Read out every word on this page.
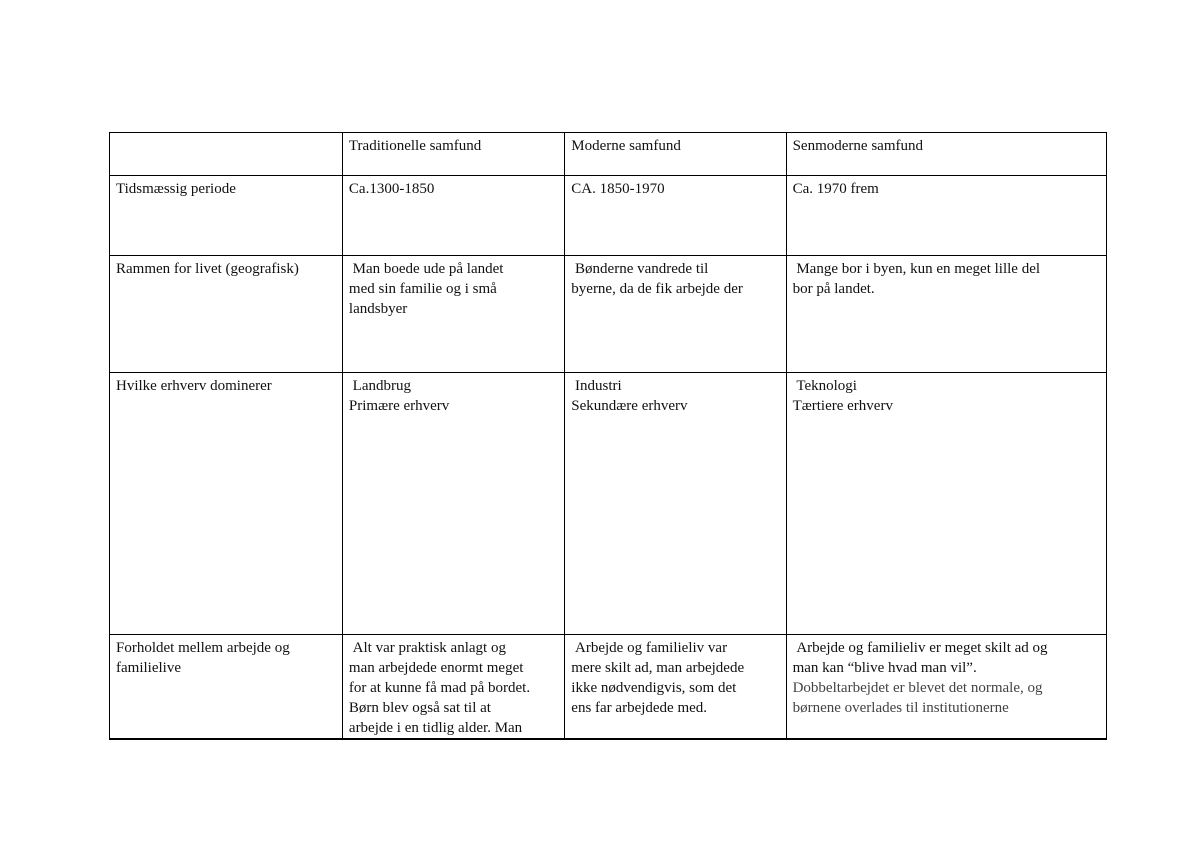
	Traditionelle samfund	Moderne samfund	Senmoderne samfund

Tidsmæssig periode	Ca.1300-1850	CA. 1850-1970	Ca. 1970 frem

Rammen for livet (geografisk)	Man boede ude på landet
med sin familie og i små
landsbyer	Bønderne vandrede til
byerne, da de fik arbejde der	Mange bor i byen, kun en meget lille del
bor på landet.

Hvilke erhverv dominerer	Landbrug
Primære erhverv	Industri
Sekundære erhverv	Teknologi
Tærtiere erhverv

Forholdet mellem arbejde og
familielive	Alt var praktisk anlagt og
man arbejdede enormt meget
for at kunne få mad på bordet.
Børn blev også sat til at
arbejde i en tidlig alder. Man	Arbejde og familieliv var
mere skilt ad, man arbejdede
ikke nødvendigvis, som det
ens far arbejdede med.	Arbejde og familieliv er meget skilt ad og
man kan “blive hvad man vil”.
Dobbeltarbejdet er blevet det normale, og
børnene overlades til institutionerne
